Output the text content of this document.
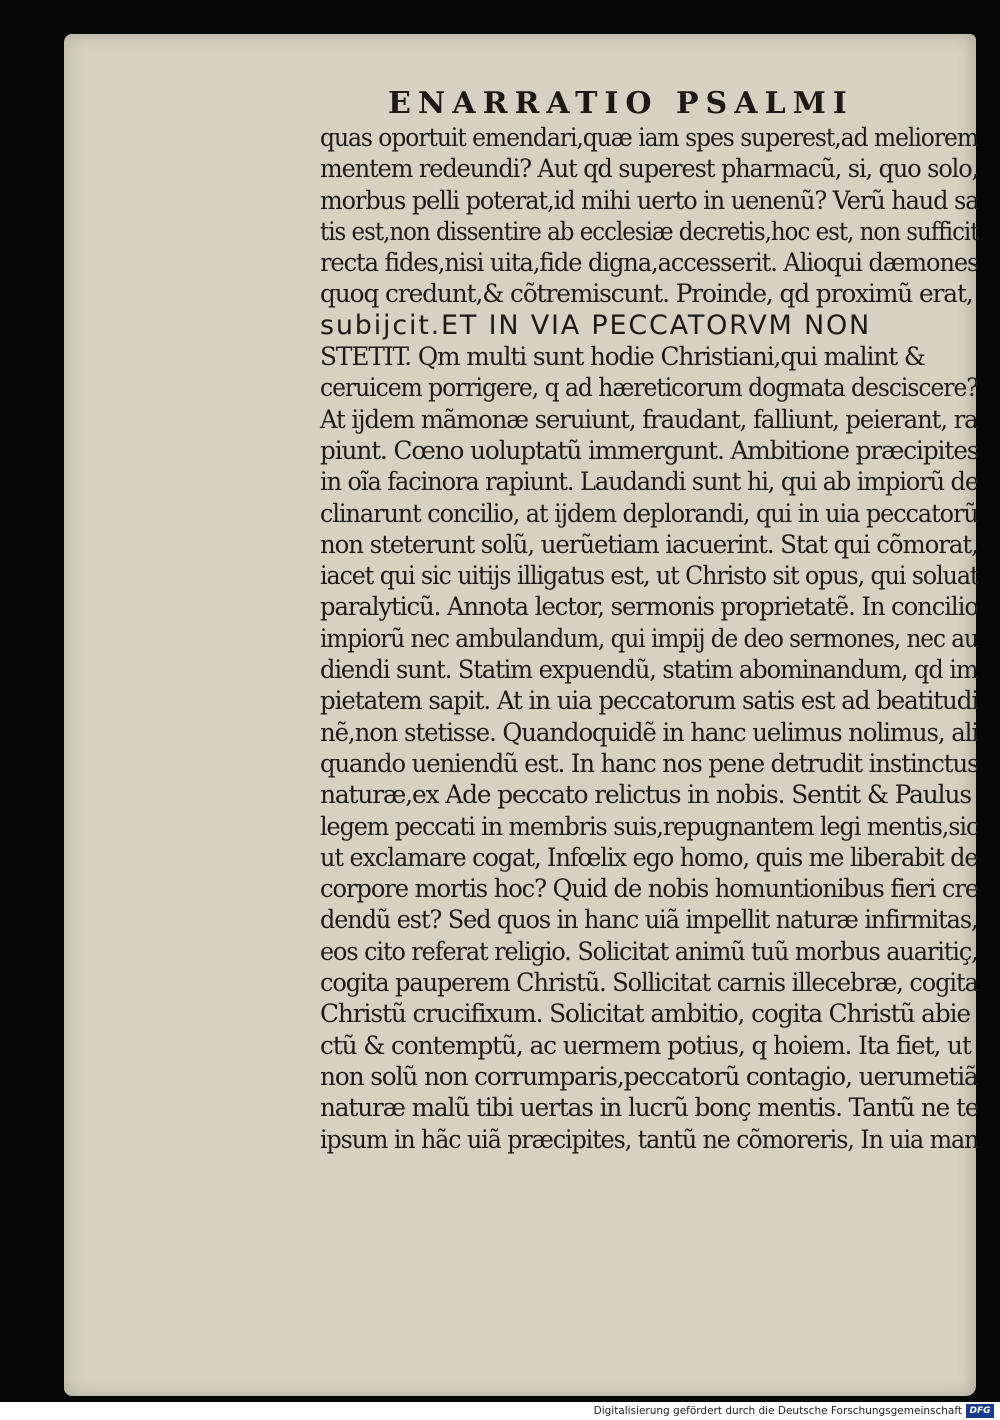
ENARRATIO PSALMI
quas oportuit emendari,quæ iam spes superest,ad meliorem
mentem redeundi? Aut qd superest pharmacũ, si, quo solo,
morbus pelli poterat,id mihi uerto in uenenũ? Verũ haud sa
tis est,non dissentire ab ecclesiæ decretis,hoc est, non sufficit
recta fides,nisi uita,fide digna,accesserit. Alioqui dæmones
quoq credunt,& cõtremiscunt. Proinde, qd proximũ erat,
subijcit.ET IN VIA PECCATORVM NON
STETIT. Qm multi sunt hodie Christiani,qui malint &
ceruicem porrigere, q ad hæreticorum dogmata desciscere?
At ijdem mãmonæ seruiunt, fraudant, falliunt, peierant, ra
piunt. Cœno uoluptatũ immergunt. Ambitione præcipites
in oĩa facinora rapiunt. Laudandi sunt hi, qui ab impiorũ de
clinarunt concilio, at ijdem deplorandi, qui in uia peccatorũ
non steterunt solũ, uerũetiam iacuerint. Stat qui cõmorat,
iacet qui sic uitijs illigatus est, ut Christo sit opus, qui soluat
paralyticũ. Annota lector, sermonis proprietatẽ. In concilio
impiorũ nec ambulandum, qui impij de deo sermones, nec au
diendi sunt. Statim expuendũ, statim abominandum, qd im
pietatem sapit. At in uia peccatorum satis est ad beatitudi
nẽ,non stetisse. Quandoquidẽ in hanc uelimus nolimus, ali
quando ueniendũ est. In hanc nos pene detrudit instinctus
naturæ,ex Ade peccato relictus in nobis. Sentit & Paulus
legem peccati in membris suis,repugnantem legi mentis,sic
ut exclamare cogat, Infœlix ego homo, quis me liberabit de
corpore mortis hoc? Quid de nobis homuntionibus fieri cre
dendũ est? Sed quos in hanc uiã impellit naturæ infirmitas,
eos cito referat religio. Solicitat animũ tuũ morbus auaritiç,
cogita pauperem Christũ. Sollicitat carnis illecebræ, cogita
Christũ crucifixum. Solicitat ambitio, cogita Christũ abie
ctũ & contemptũ, ac uermem potius, q hoiem. Ita fiet, ut
non solũ non corrumparis,peccatorũ contagio, uerumetiã
naturæ malũ tibi uertas in lucrũ bonç mentis. Tantũ ne te
ipsum in hãc uiã præcipites, tantũ ne cõmoreris, In uia man
Digitalisierung gefördert durch die Deutsche Forschungsgemeinschaft DFG
